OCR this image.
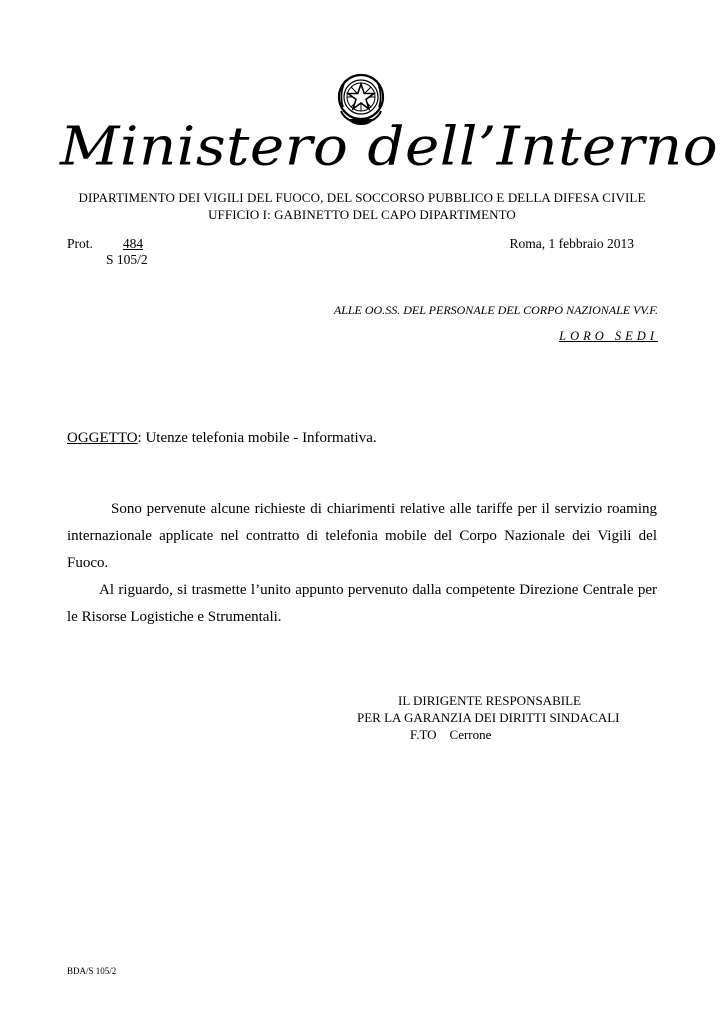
Ministero dell’Interno
DIPARTIMENTO DEI VIGILI DEL FUOCO, DEL SOCCORSO PUBBLICO E DELLA DIFESA CIVILE
UFFICIO I: GABINETTO DEL CAPO DIPARTIMENTO
Prot.	484
S 105/2
Roma, 1 febbraio 2013
ALLE OO.SS. DEL PERSONALE DEL CORPO NAZIONALE VV.F.
LORO SEDI
OGGETTO: Utenze telefonia mobile - Informativa.
Sono pervenute alcune richieste di chiarimenti relative alle tariffe per il servizio roaming internazionale applicate nel contratto di telefonia mobile del Corpo Nazionale dei Vigili del Fuoco.
Al riguardo, si trasmette l’unito appunto pervenuto dalla competente Direzione Centrale per le Risorse Logistiche e Strumentali.
IL DIRIGENTE RESPONSABILE
PER LA GARANZIA DEI DIRITTI SINDACALI
F.TO    Cerrone
BDA/S 105/2
